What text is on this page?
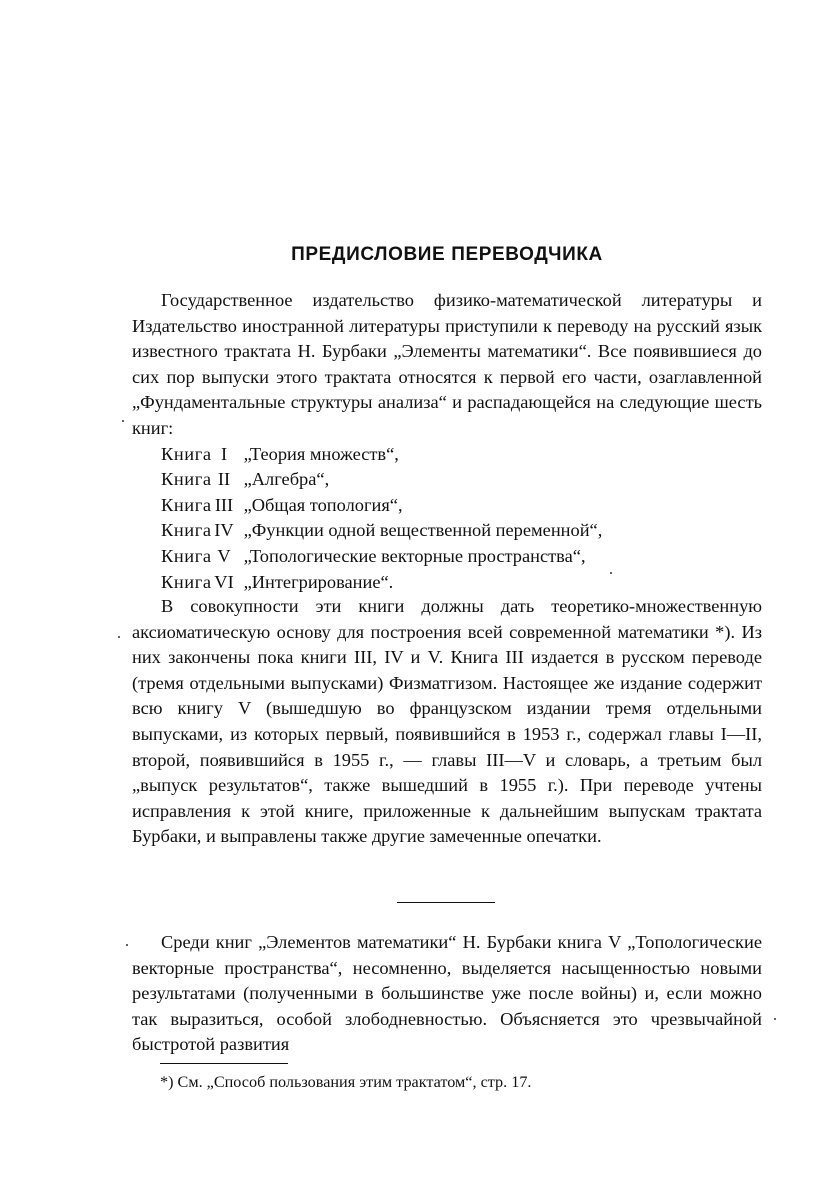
ПРЕДИСЛОВИЕ ПЕРЕВОДЧИКА

Государственное издательство физико-математической литературы и Издательство иностранной литературы приступили к переводу на русский язык известного трактата Н. Бурбаки „Элементы математики“. Все появившиеся до сих пор выпуски этого трактата относятся к первой его части, озаглавленной „Фундаментальные структуры анализа“ и распадающейся на следующие шесть книг:

Книга I „Теория множеств“,
Книга II „Алгебра“,
Книга III „Общая топология“,
Книга IV „Функции одной вещественной переменной“,
Книга V „Топологические векторные пространства“,
Книга VI „Интегрирование“.

В совокупности эти книги должны дать теоретико-множественную аксиоматическую основу для построения всей современной математики *). Из них закончены пока книги III, IV и V. Книга III издается в русском переводе (тремя отдельными выпусками) Физматгизом. Настоящее же издание содержит всю книгу V (вышедшую во французском издании тремя отдельными выпусками, из которых первый, появившийся в 1953 г., содержал главы I—II, второй, появившийся в 1955 г., — главы III—V и словарь, а третьим был „выпуск результатов“, также вышедший в 1955 г.). При переводе учтены исправления к этой книге, приложенные к дальнейшим выпускам трактата Бурбаки, и выправлены также другие замеченные опечатки.

Среди книг „Элементов математики“ Н. Бурбаки книга V „Топологические векторные пространства“, несомненно, выделяется насыщенностью новыми результатами (полученными в большинстве уже после войны) и, если можно так выразиться, особой злободневностью. Объясняется это чрезвычайной быстротой развития

*) См. „Способ пользования этим трактатом“, стр. 17.
